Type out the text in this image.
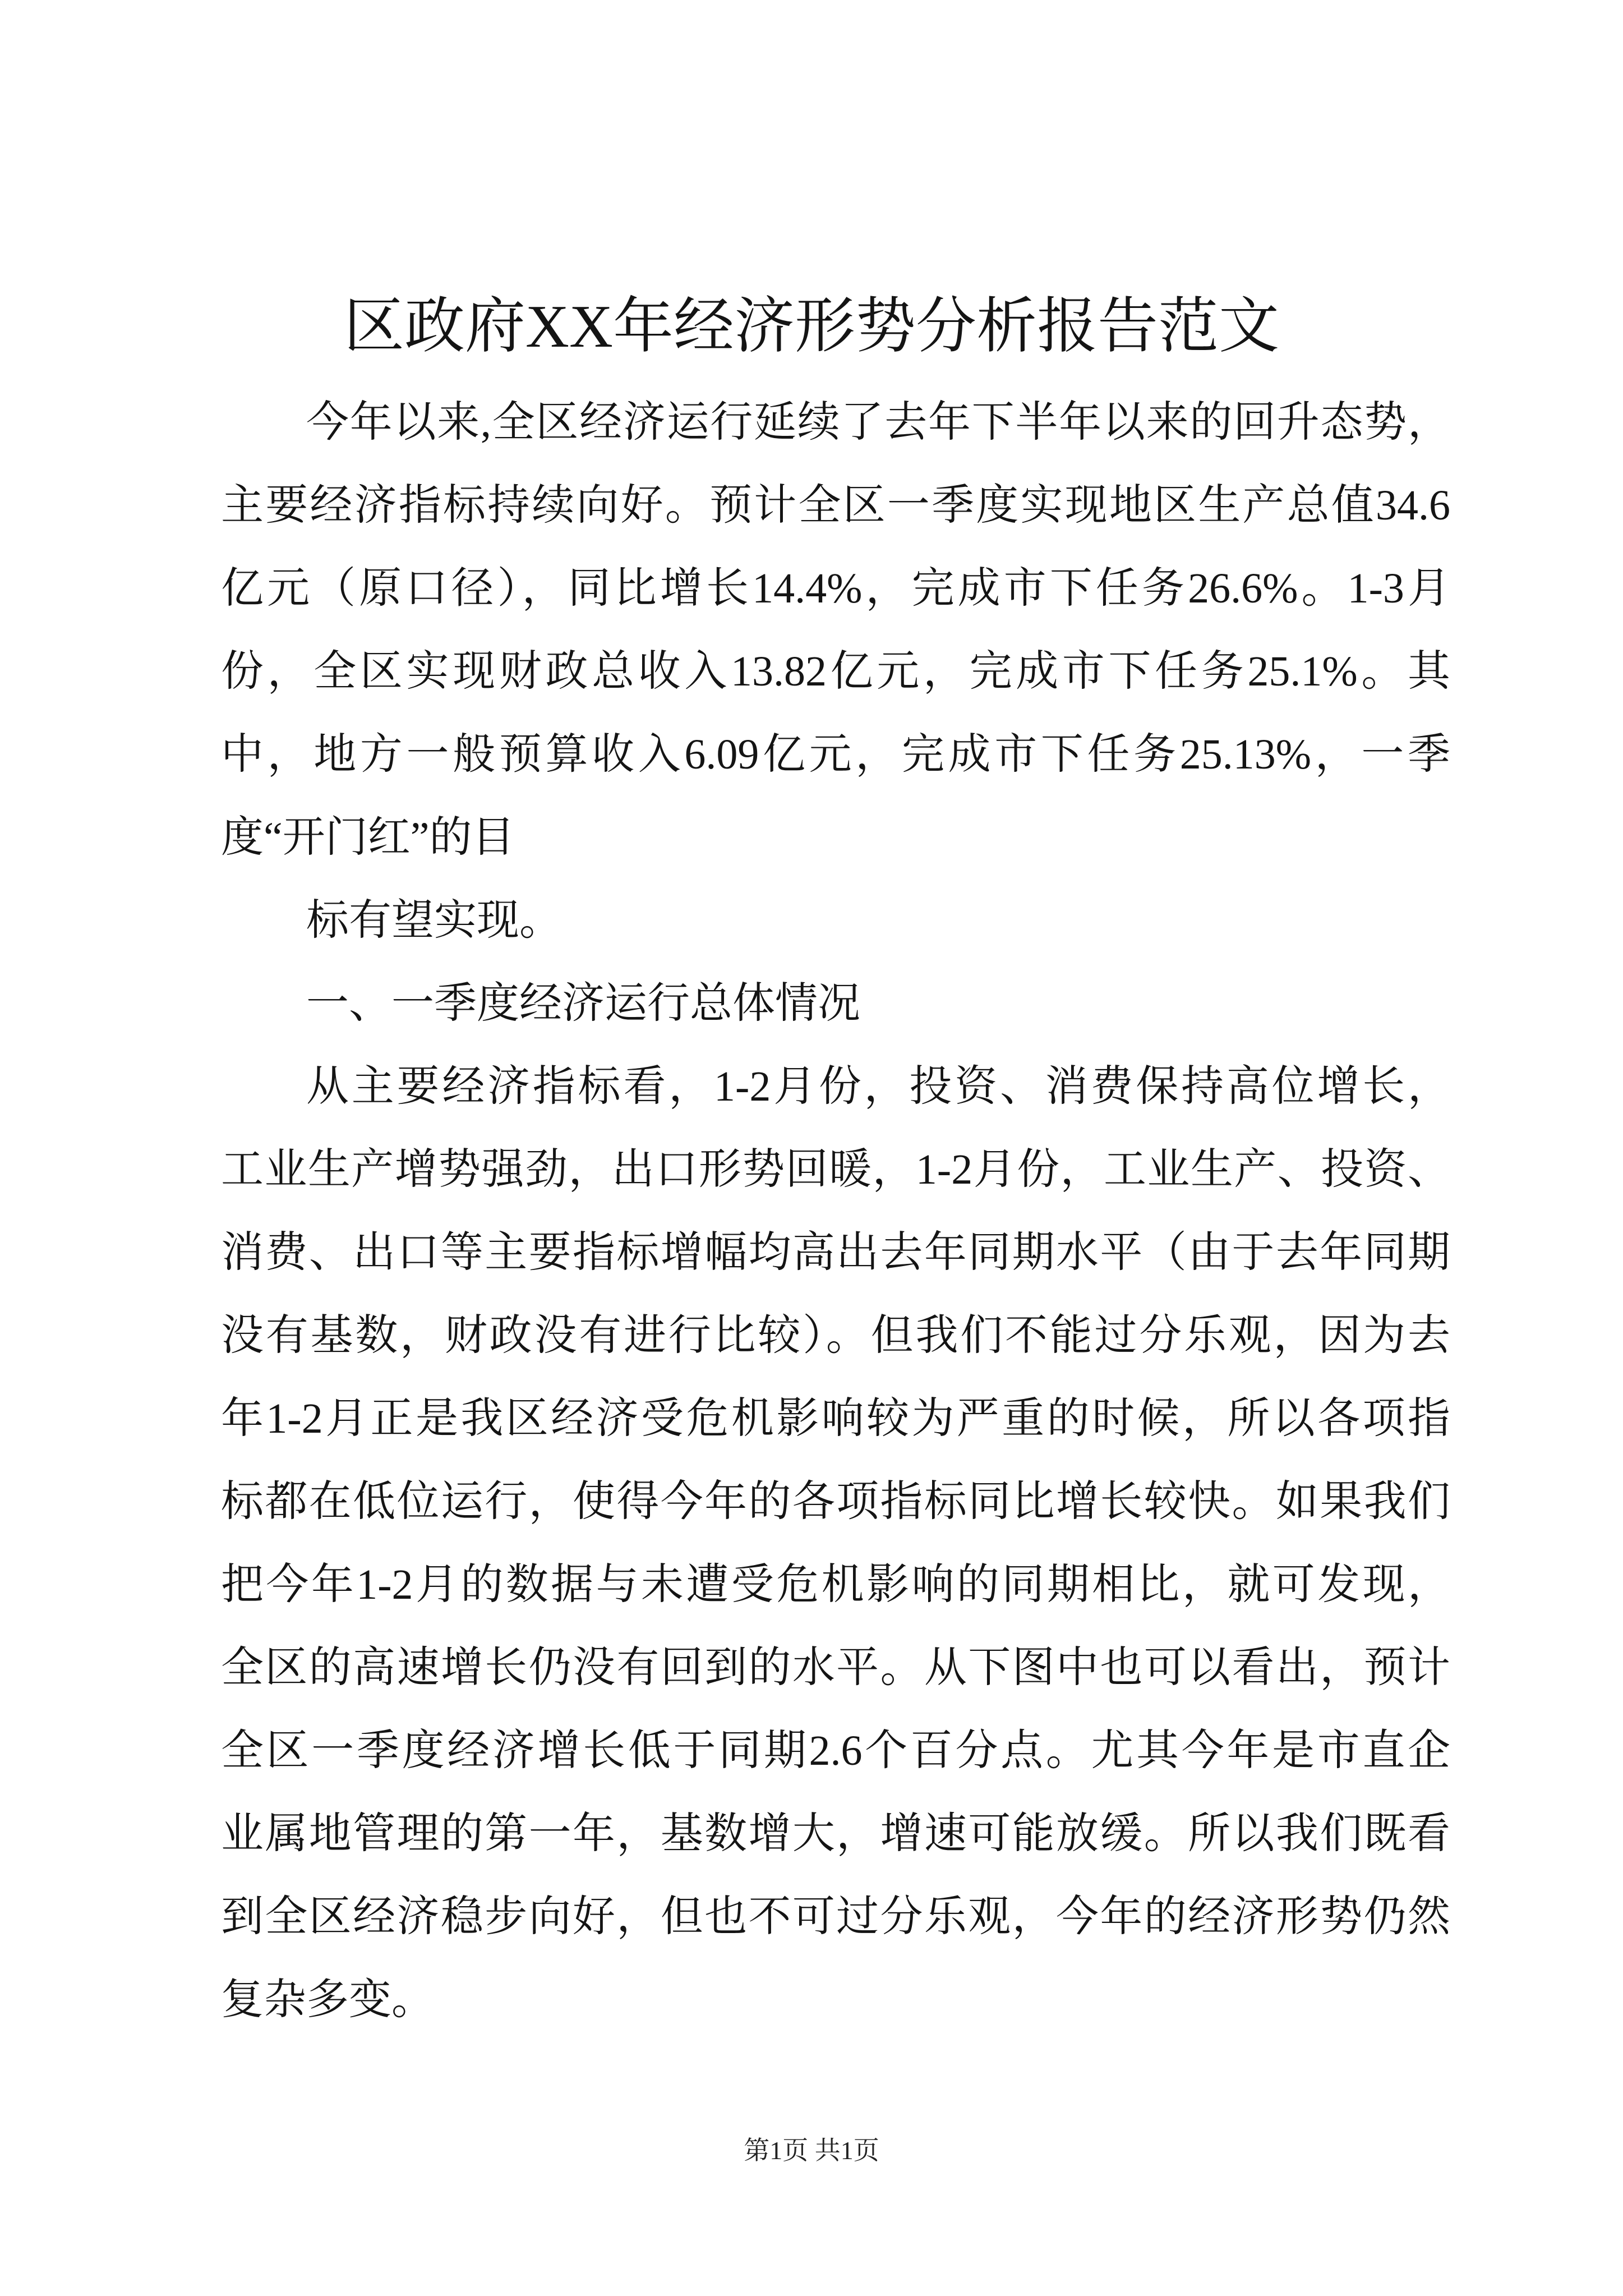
区政府XX年经济形势分析报告范文
今年以来,全区经济运行延续了去年下半年以来的回升态势，
主要经济指标持续向好。预计全区一季度实现地区生产总值34.6
亿元（原口径），同比增长14.4%，完成市下任务26.6%。1-3月
份，全区实现财政总收入13.82亿元，完成市下任务25.1%。其
中，地方一般预算收入6.09亿元，完成市下任务25.13%，一季
度“开门红”的目
标有望实现。
一、一季度经济运行总体情况
从主要经济指标看，1-2月份，投资、消费保持高位增长，
工业生产增势强劲，出口形势回暖，1-2月份，工业生产、投资、
消费、出口等主要指标增幅均高出去年同期水平（由于去年同期
没有基数，财政没有进行比较）。但我们不能过分乐观，因为去
年1-2月正是我区经济受危机影响较为严重的时候，所以各项指
标都在低位运行，使得今年的各项指标同比增长较快。如果我们
把今年1-2月的数据与未遭受危机影响的同期相比，就可发现，
全区的高速增长仍没有回到的水平。从下图中也可以看出，预计
全区一季度经济增长低于同期2.6个百分点。尤其今年是市直企
业属地管理的第一年，基数增大，增速可能放缓。所以我们既看
到全区经济稳步向好，但也不可过分乐观，今年的经济形势仍然
复杂多变。
第1页 共1页
